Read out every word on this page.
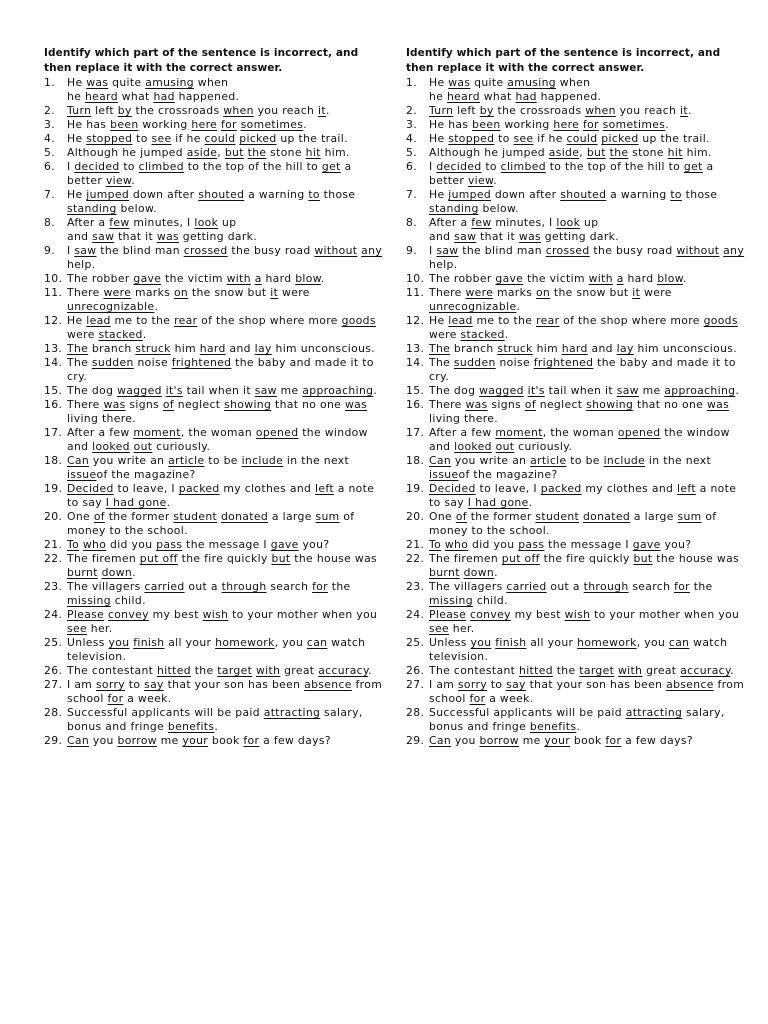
Identify which part of the sentence is incorrect, and then replace it with the correct answer.
1.	He was quite amusing when
he heard what had happened.
2.	Turn left by the crossroads when you reach it.
3.	He has been working here for sometimes.
4.	He stopped to see if he could picked up the trail.
5.	Although he jumped aside, but the stone hit him.
6.	I decided to climbed to the top of the hill to get a better view.
7.	He jumped down after shouted a warning to those standing below.
8.	After a few minutes, I look up
and saw that it was getting dark.
9.	I saw the blind man crossed the busy road without any help.
10. The robber gave the victim with a hard blow.
11. There were marks on the snow but it were unrecognizable.
12. He lead me to the rear of the shop where more goods were stacked.
13. The branch struck him hard and lay him unconscious.
14. The sudden noise frightened the baby and made it to cry.
15. The dog wagged it's tail when it saw me approaching.
16. There was signs of neglect showing that no one was living there.
17. After a few moment, the woman opened the window and looked out curiously.
18. Can you write an article to be include in the next issueof the magazine?
19. Decided to leave, I packed my clothes and left a note to say I had gone.
20. One of the former student donated a large sum of money to the school.
21. To who did you pass the message I gave you?
22. The firemen put off the fire quickly but the house was burnt down.
23. The villagers carried out a through search for the missing child.
24. Please convey my best wish to your mother when you see her.
25. Unless you finish all your homework, you can watch television.
26. The contestant hitted the target with great accuracy.
27. I am sorry to say that your son has been absence from school for a week.
28. Successful applicants will be paid attracting salary, bonus and fringe benefits.
29. Can you borrow me your book for a few days?
Identify which part of the sentence is incorrect, and then replace it with the correct answer.
1.	He was quite amusing when
he heard what had happened.
2.	Turn left by the crossroads when you reach it.
3.	He has been working here for sometimes.
4.	He stopped to see if he could picked up the trail.
5.	Although he jumped aside, but the stone hit him.
6.	I decided to climbed to the top of the hill to get a better view.
7.	He jumped down after shouted a warning to those standing below.
8.	After a few minutes, I look up
and saw that it was getting dark.
9.	I saw the blind man crossed the busy road without any help.
10. The robber gave the victim with a hard blow.
11. There were marks on the snow but it were unrecognizable.
12. He lead me to the rear of the shop where more goods were stacked.
13. The branch struck him hard and lay him unconscious.
14. The sudden noise frightened the baby and made it to cry.
15. The dog wagged it's tail when it saw me approaching.
16. There was signs of neglect showing that no one was living there.
17. After a few moment, the woman opened the window and looked out curiously.
18. Can you write an article to be include in the next issueof the magazine?
19. Decided to leave, I packed my clothes and left a note to say I had gone.
20. One of the former student donated a large sum of money to the school.
21. To who did you pass the message I gave you?
22. The firemen put off the fire quickly but the house was burnt down.
23. The villagers carried out a through search for the missing child.
24. Please convey my best wish to your mother when you see her.
25. Unless you finish all your homework, you can watch television.
26. The contestant hitted the target with great accuracy.
27. I am sorry to say that your son has been absence from school for a week.
28. Successful applicants will be paid attracting salary, bonus and fringe benefits.
29. Can you borrow me your book for a few days?
